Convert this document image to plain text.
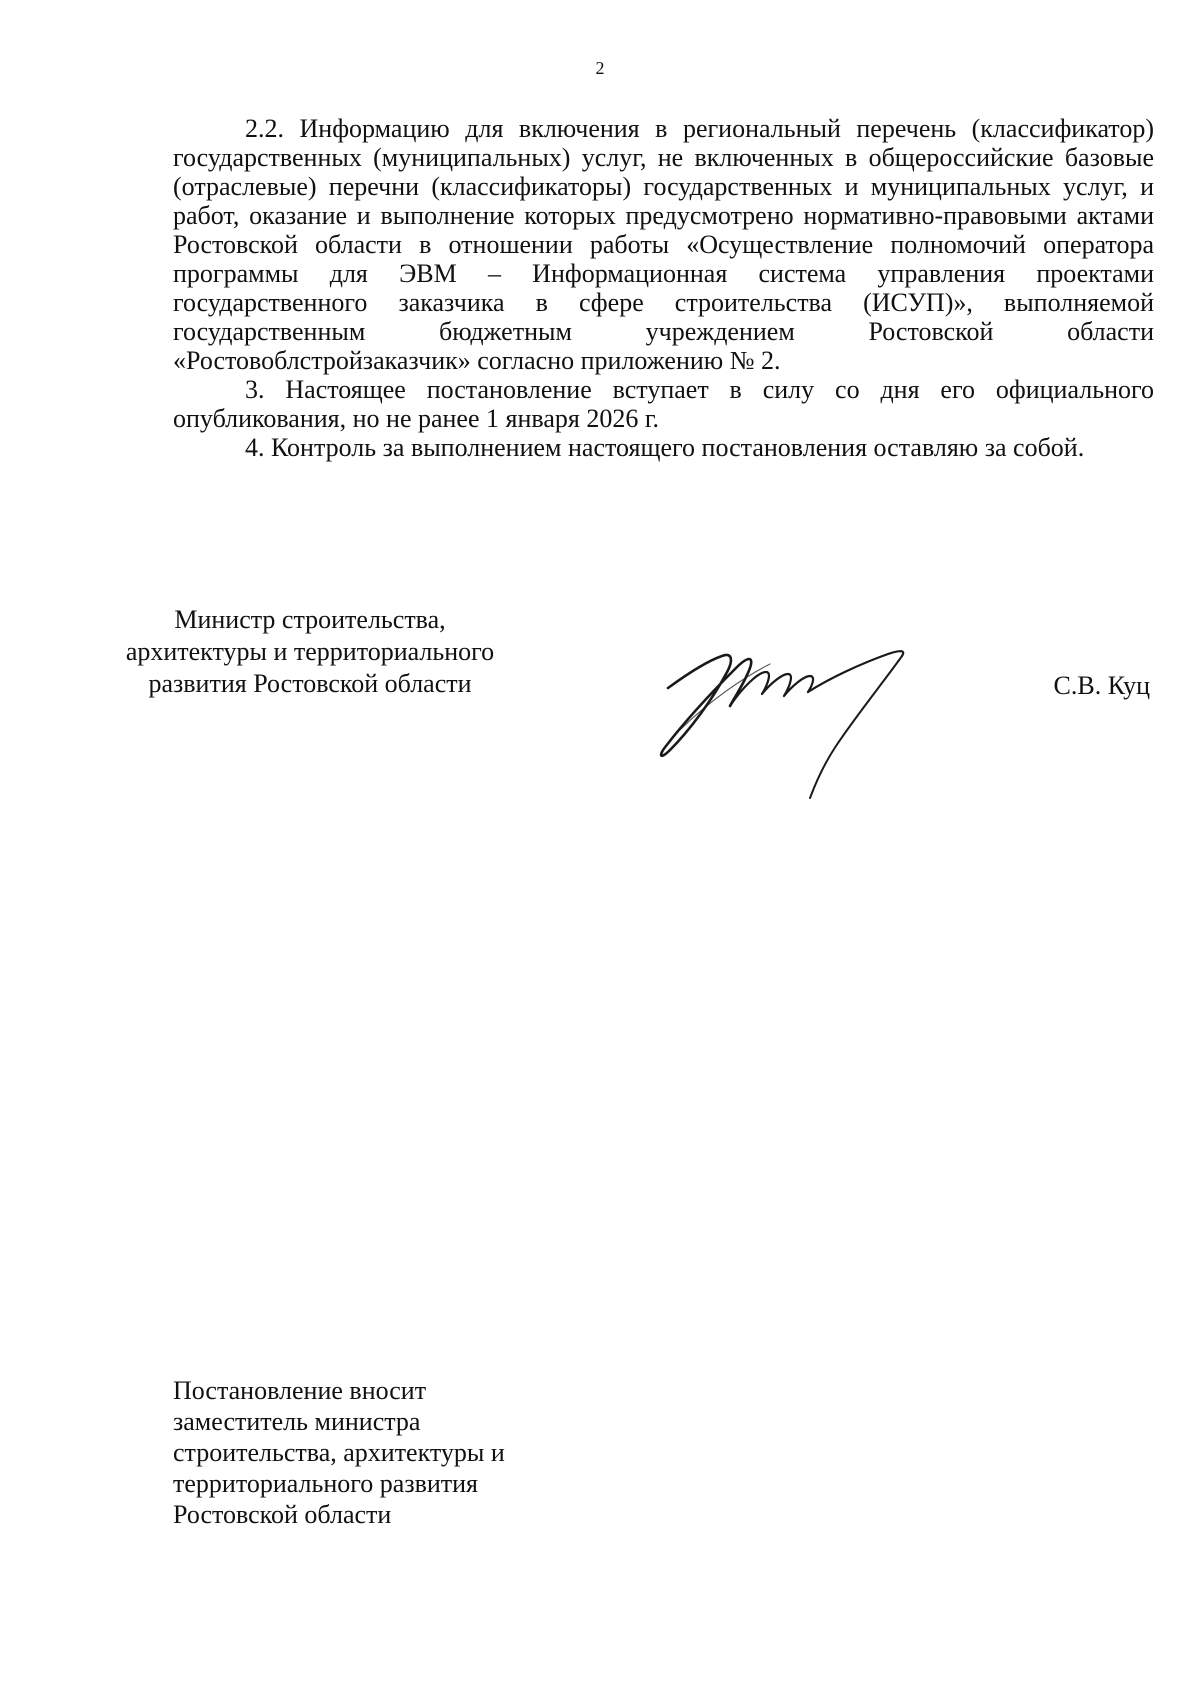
2

2.2. Информацию для включения в региональный перечень (классификатор) государственных (муниципальных) услуг, не включенных в общероссийские базовые (отраслевые) перечни (классификаторы) государственных и муниципальных услуг, и работ, оказание и выполнение которых предусмотрено нормативно-правовыми актами Ростовской области в отношении работы «Осуществление полномочий оператора программы для ЭВМ – Информационная система управления проектами государственного заказчика в сфере строительства (ИСУП)», выполняемой государственным бюджетным учреждением Ростовской области «Ростовоблстройзаказчик» согласно приложению № 2.

3. Настоящее постановление вступает в силу со дня его официального опубликования, но не ранее 1 января 2026 г.

4. Контроль за выполнением настоящего постановления оставляю за собой.

Министр строительства,
архитектуры и территориального
развития Ростовской области	С.В. Куц
Постановление вносит
заместитель министра
строительства, архитектуры и
территориального развития
Ростовской области
